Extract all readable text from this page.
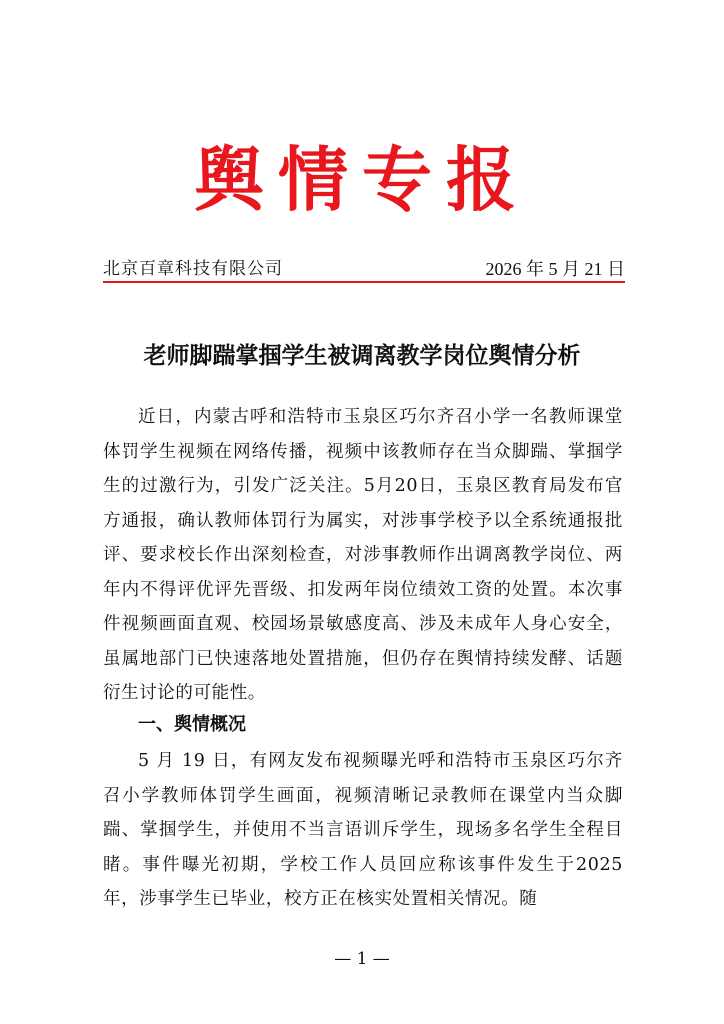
舆情专报
北京百章科技有限公司	2026 年 5 月 21 日
老师脚踹掌掴学生被调离教学岗位舆情分析

近日，内蒙古呼和浩特市玉泉区巧尔齐召小学一名教师课堂体罚学生视频在网络传播，视频中该教师存在当众脚踹、掌掴学生的过激行为，引发广泛关注。5月20日，玉泉区教育局发布官方通报，确认教师体罚行为属实，对涉事学校予以全系统通报批评、要求校长作出深刻检查，对涉事教师作出调离教学岗位、两年内不得评优评先晋级、扣发两年岗位绩效工资的处置。本次事件视频画面直观、校园场景敏感度高、涉及未成年人身心安全，虽属地部门已快速落地处置措施，但仍存在舆情持续发酵、话题衍生讨论的可能性。

一、舆情概况

5 月 19 日，有网友发布视频曝光呼和浩特市玉泉区巧尔齐召小学教师体罚学生画面，视频清晰记录教师在课堂内当众脚踹、掌掴学生，并使用不当言语训斥学生，现场多名学生全程目睹。事件曝光初期，学校工作人员回应称该事件发生于2025 年，涉事学生已毕业，校方正在核实处置相关情况。随

— 1 —
